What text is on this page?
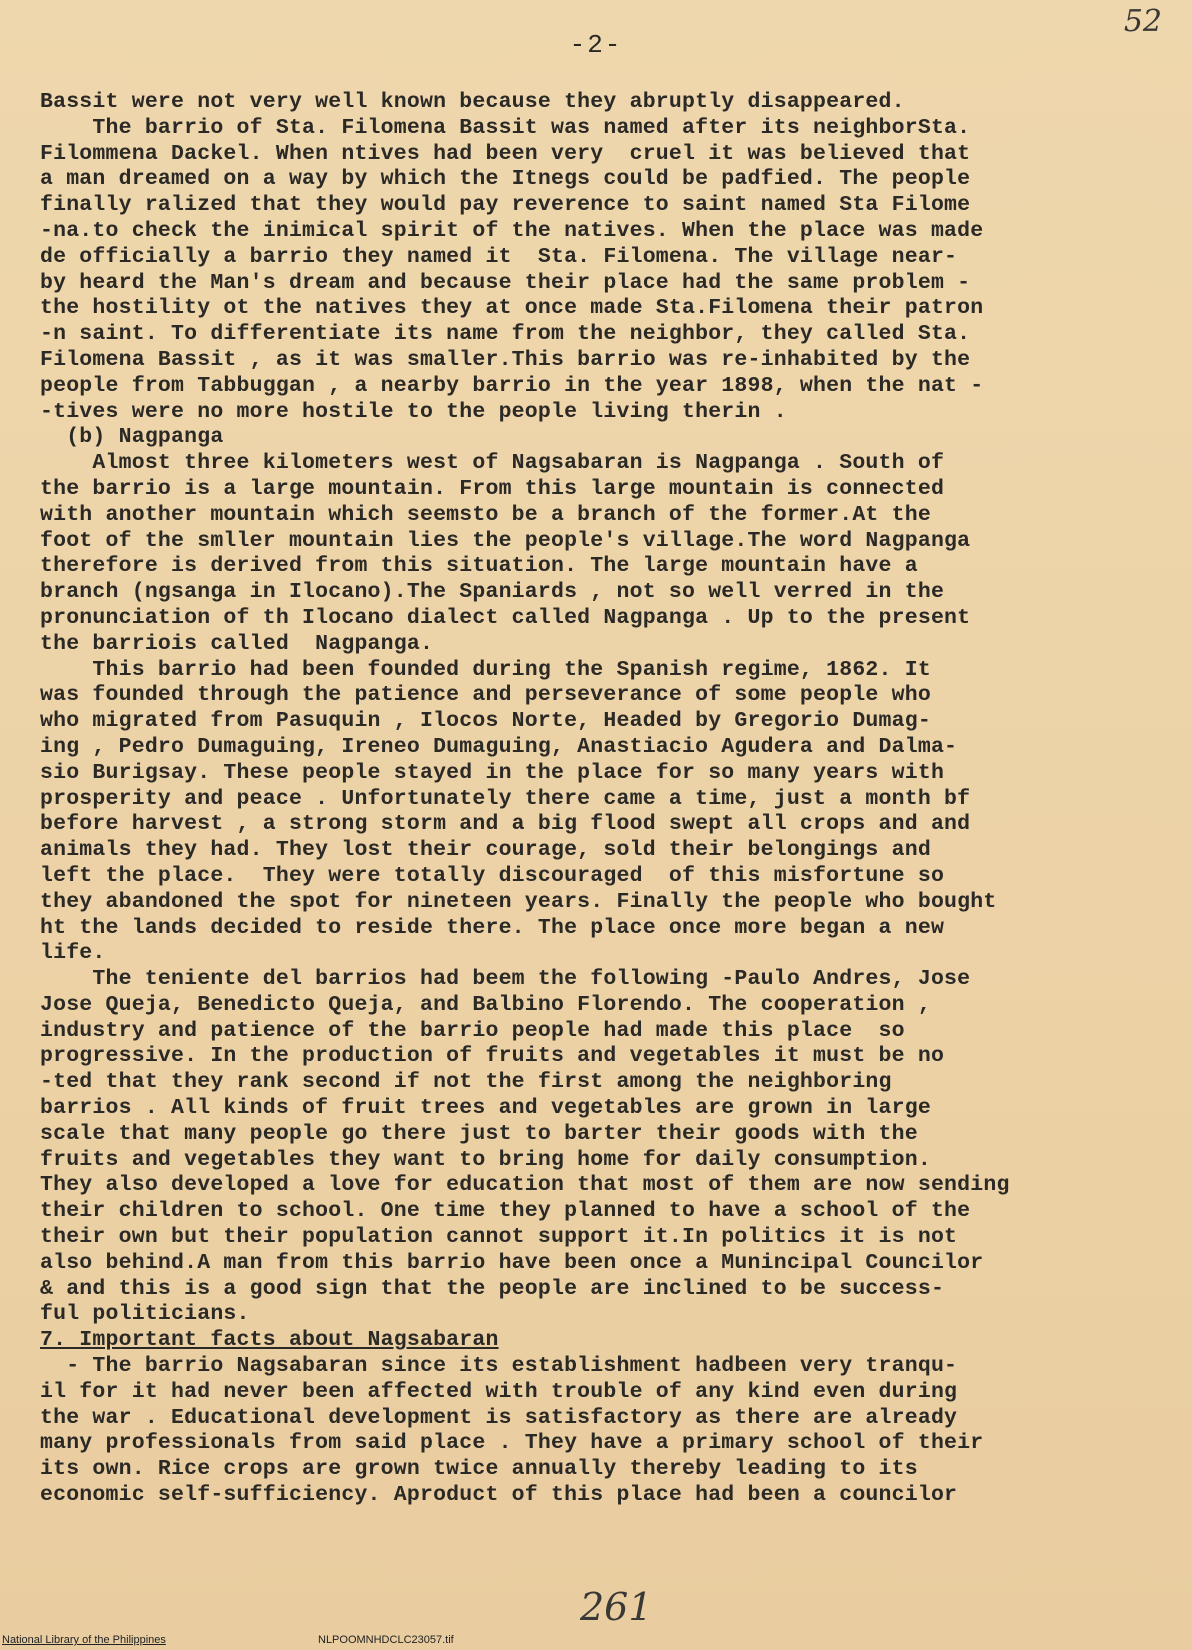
52
-2-
Bassit were not very well known because they abruptly disappeared.
The barrio of Sta. Filomena Bassit was named after its neighborSta.
Filommena Dackel. When ntives had been very  cruel it was believed that
a man dreamed on a way by which the Itnegs could be padfied. The people
finally ralized that they would pay reverence to saint named Sta Filome
-na.to check the inimical spirit of the natives. When the place was made
de officially a barrio they named it  Sta. Filomena. The village near-
by heard the Man's dream and because their place had the same problem -
the hostility ot the natives they at once made Sta.Filomena their patron
-n saint. To differentiate its name from the neighbor, they called Sta.
Filomena Bassit , as it was smaller.This barrio was re-inhabited by the
people from Tabbuggan , a nearby barrio in the year 1898, when the nat -
-tives were no more hostile to the people living therin .
(b) Nagpanga
Almost three kilometers west of Nagsabaran is Nagpanga . South of
the barrio is a large mountain. From this large mountain is connected
with another mountain which seemsto be a branch of the former.At the
foot of the smller mountain lies the people's village.The word Nagpanga
therefore is derived from this situation. The large mountain have a
branch (ngsanga in Ilocano).The Spaniards , not so well verred in the
pronunciation of th Ilocano dialect called Nagpanga . Up to the present
the barriois called  Nagpanga.
This barrio had been founded during the Spanish regime, 1862. It
was founded through the patience and perseverance of some people who
who migrated from Pasuquin , Ilocos Norte, Headed by Gregorio Dumag-
ing , Pedro Dumaguing, Ireneo Dumaguing, Anastiacio Agudera and Dalma-
sio Burigsay. These people stayed in the place for so many years with
prosperity and peace . Unfortunately there came a time, just a month bf
before harvest , a strong storm and a big flood swept all crops and and
animals they had. They lost their courage, sold their belongings and
left the place.  They were totally discouraged  of this misfortune so
they abandoned the spot for nineteen years. Finally the people who bought
ht the lands decided to reside there. The place once more began a new
life.
The teniente del barrios had beem the following -Paulo Andres, Jose
Jose Queja, Benedicto Queja, and Balbino Florendo. The cooperation ,
industry and patience of the barrio people had made this place  so
progressive. In the production of fruits and vegetables it must be no
-ted that they rank second if not the first among the neighboring
barrios . All kinds of fruit trees and vegetables are grown in large
scale that many people go there just to barter their goods with the
fruits and vegetables they want to bring home for daily consumption.
They also developed a love for education that most of them are now sending
their children to school. One time they planned to have a school of the
their own but their population cannot support it.In politics it is not
also behind.A man from this barrio have been once a Munincipal Councilor
& and this is a good sign that the people are inclined to be success-
ful politicians.
7. Important facts about Nagsabaran
- The barrio Nagsabaran since its establishment hadbeen very tranqu-
il for it had never been affected with trouble of any kind even during
the war . Educational development is satisfactory as there are already
many professionals from said place . They have a primary school of their
its own. Rice crops are grown twice annually thereby leading to its
economic self-sufficiency. Aproduct of this place had been a councilor
261
National Library of the Philippines	NLPOOMNHDCLC23057.tif
